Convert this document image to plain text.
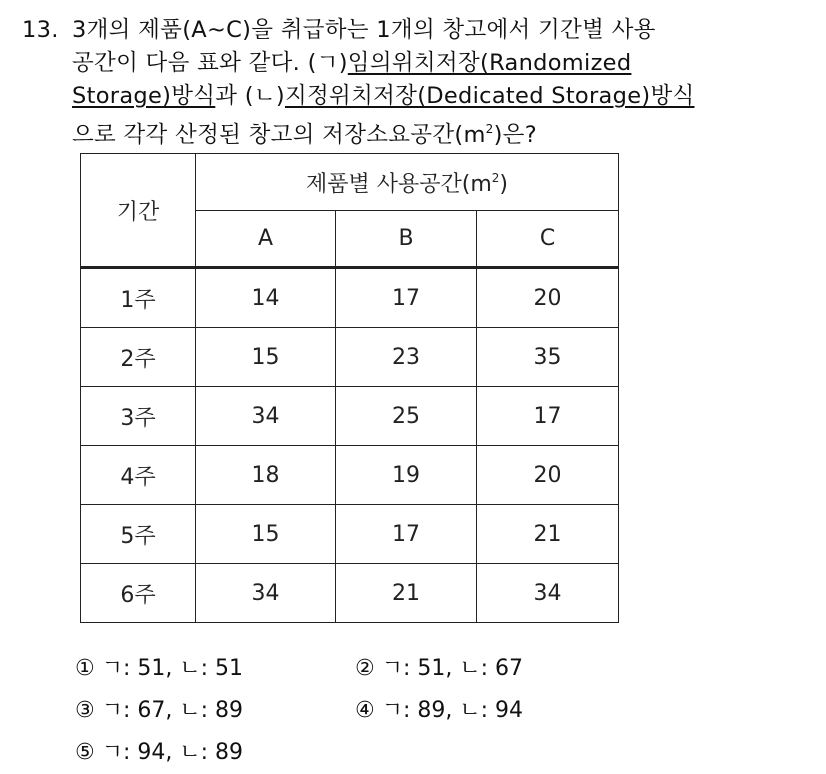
13. 3개의 제품(A~C)을 취급하는 1개의 창고에서 기간별 사용
공간이 다음 표와 같다. (ㄱ)임의위치저장(Randomized
Storage)방식과 (ㄴ)지정위치저장(Dedicated Storage)방식
으로 각각 산정된 창고의 저장소요공간$(m^2)$은?
기간	제품별 사용공간$(m^2)$		
	A	B	C
1주	14	17	20
2주	15	23	35
3주	34	25	17
4주	18	19	20
5주	15	17	21
6주	34	21	34
① ㄱ: 51, ㄴ: 51	② ㄱ: 51, ㄴ: 67
③ ㄱ: 67, ㄴ: 89	④ ㄱ: 89, ㄴ: 94
⑤ ㄱ: 94, ㄴ: 89
